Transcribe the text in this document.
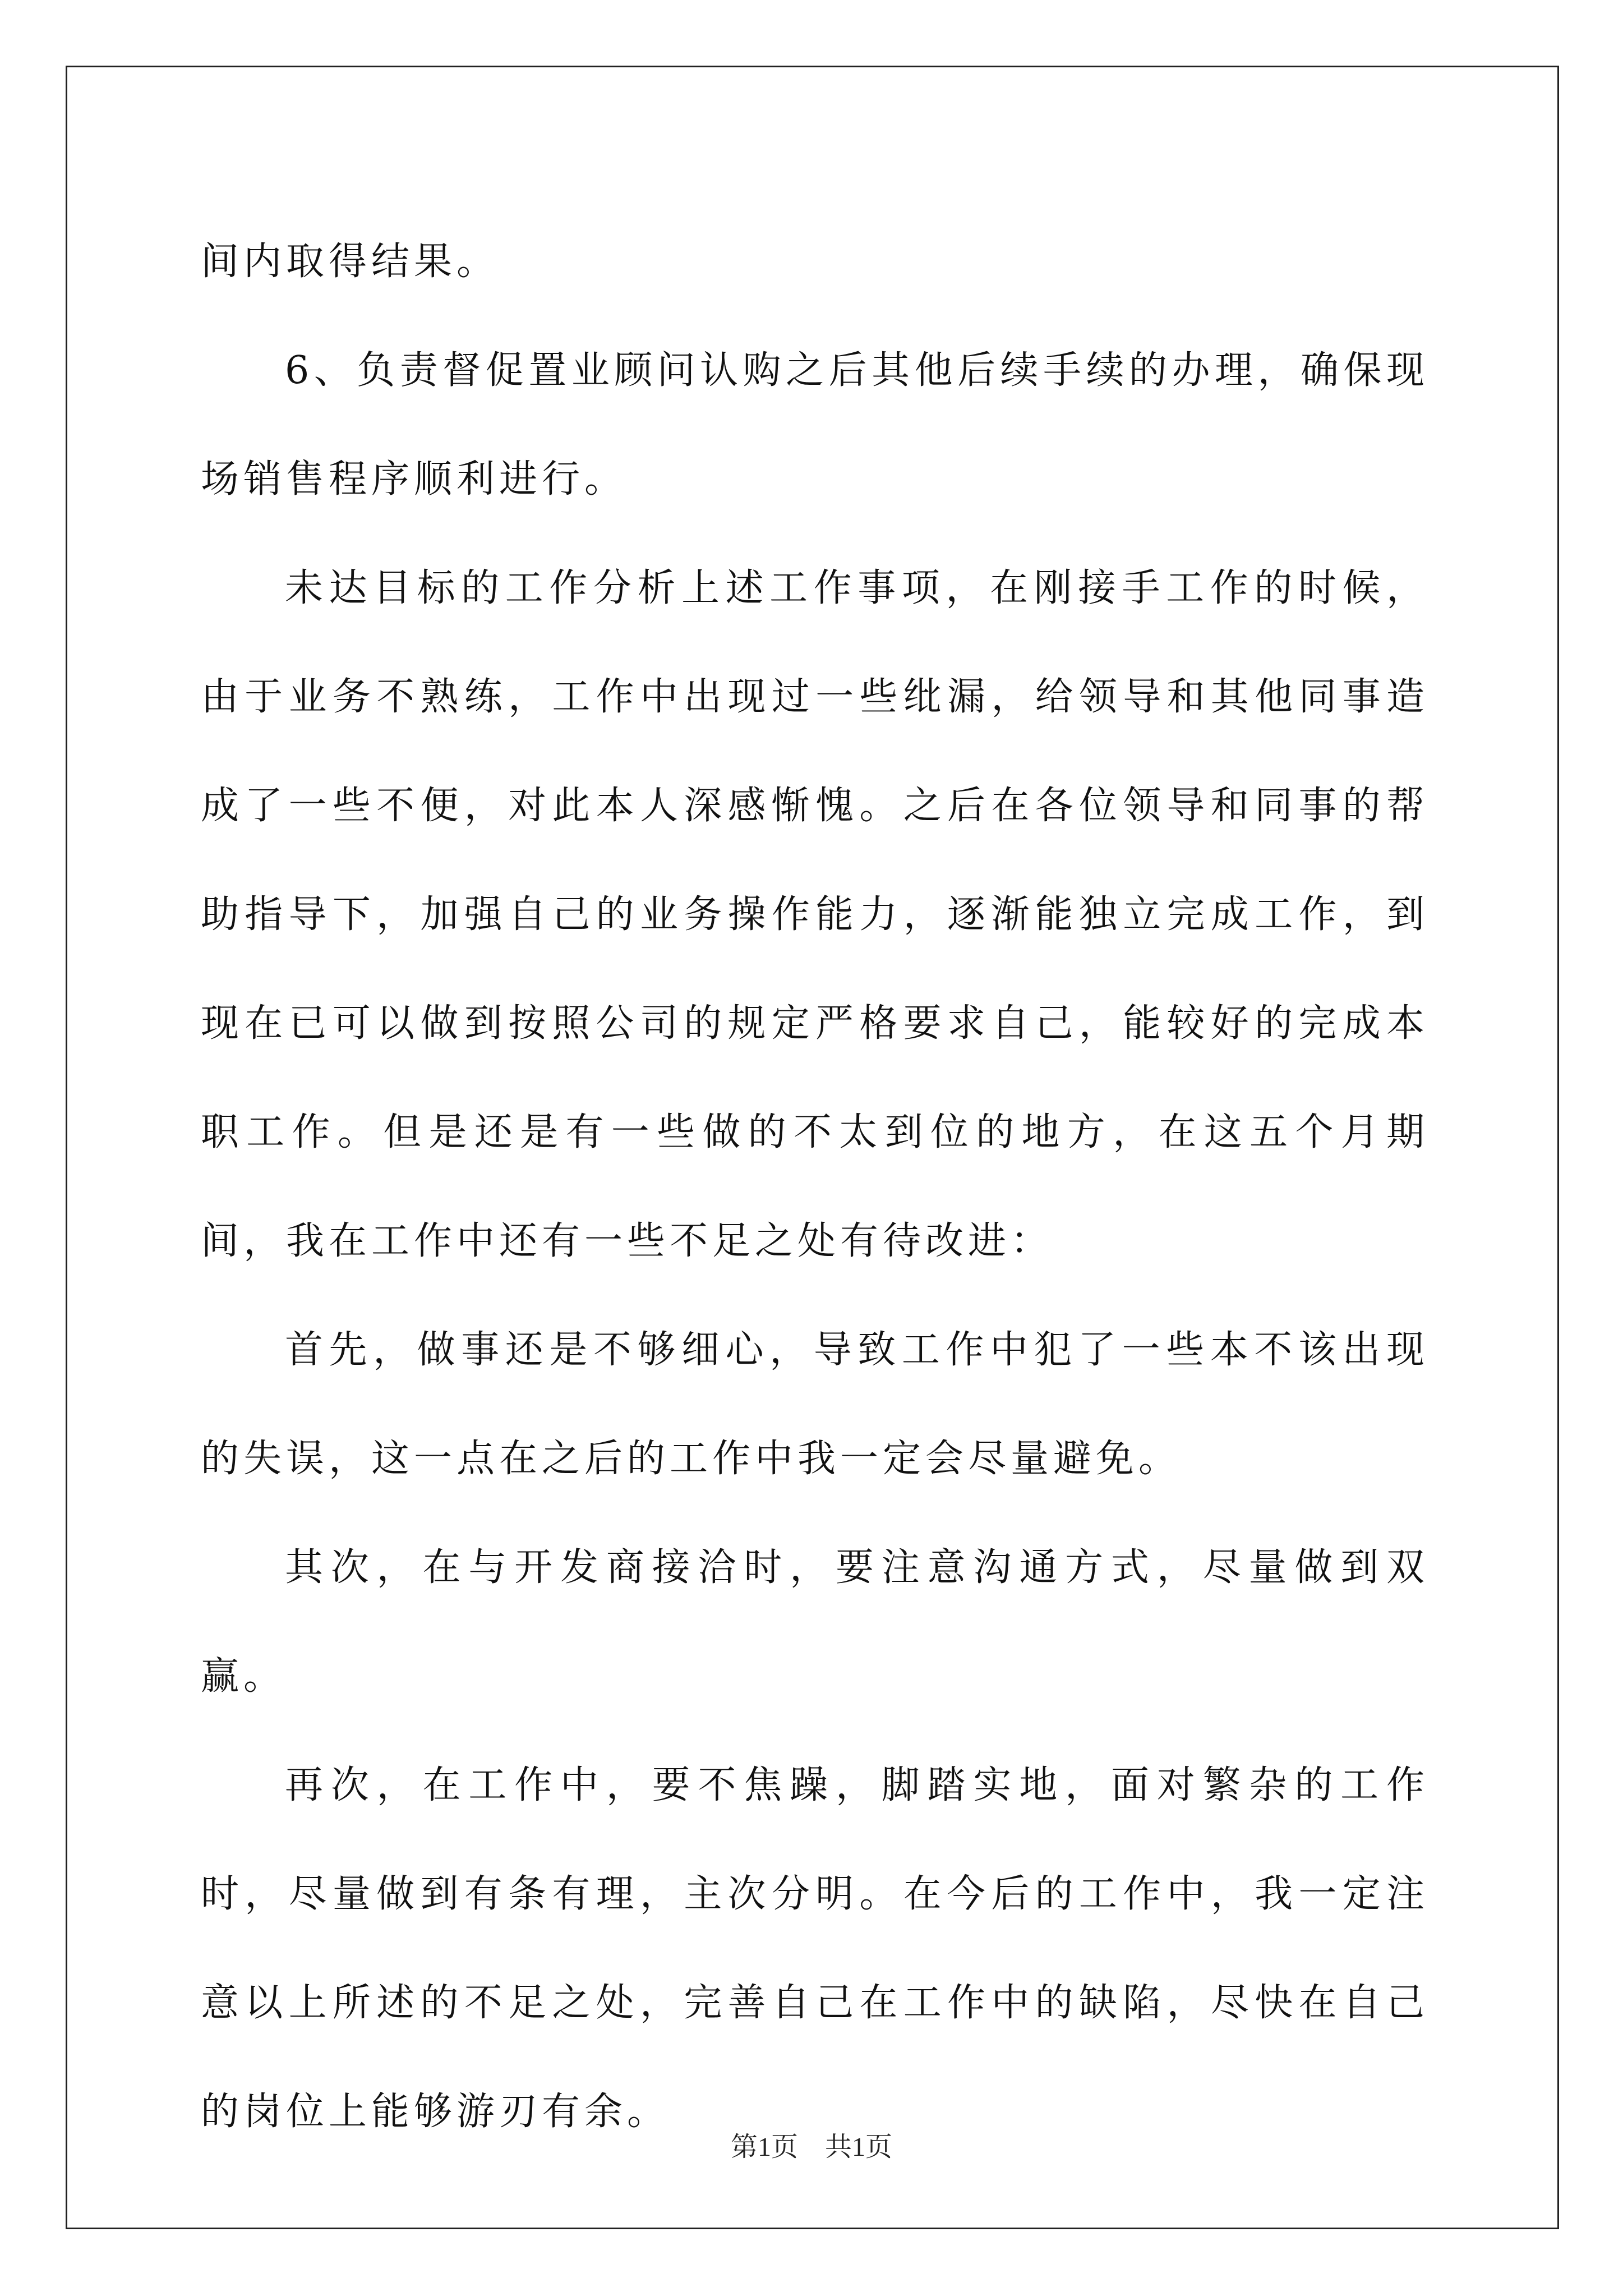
间内取得结果。

6、负责督促置业顾问认购之后其他后续手续的办理，确保现场销售程序顺利进行。

未达目标的工作分析上述工作事项，在刚接手工作的时候，由于业务不熟练，工作中出现过一些纰漏，给领导和其他同事造成了一些不便，对此本人深感惭愧。之后在各位领导和同事的帮助指导下，加强自己的业务操作能力，逐渐能独立完成工作，到现在已可以做到按照公司的规定严格要求自己，能较好的完成本职工作。但是还是有一些做的不太到位的地方，在这五个月期间，我在工作中还有一些不足之处有待改进：

首先，做事还是不够细心，导致工作中犯了一些本不该出现的失误，这一点在之后的工作中我一定会尽量避免。

其次，在与开发商接洽时，要注意沟通方式，尽量做到双赢。

再次，在工作中，要不焦躁，脚踏实地，面对繁杂的工作时，尽量做到有条有理，主次分明。在今后的工作中，我一定注意以上所述的不足之处，完善自己在工作中的缺陷，尽快在自己的岗位上能够游刃有余。

第1页 共1页
